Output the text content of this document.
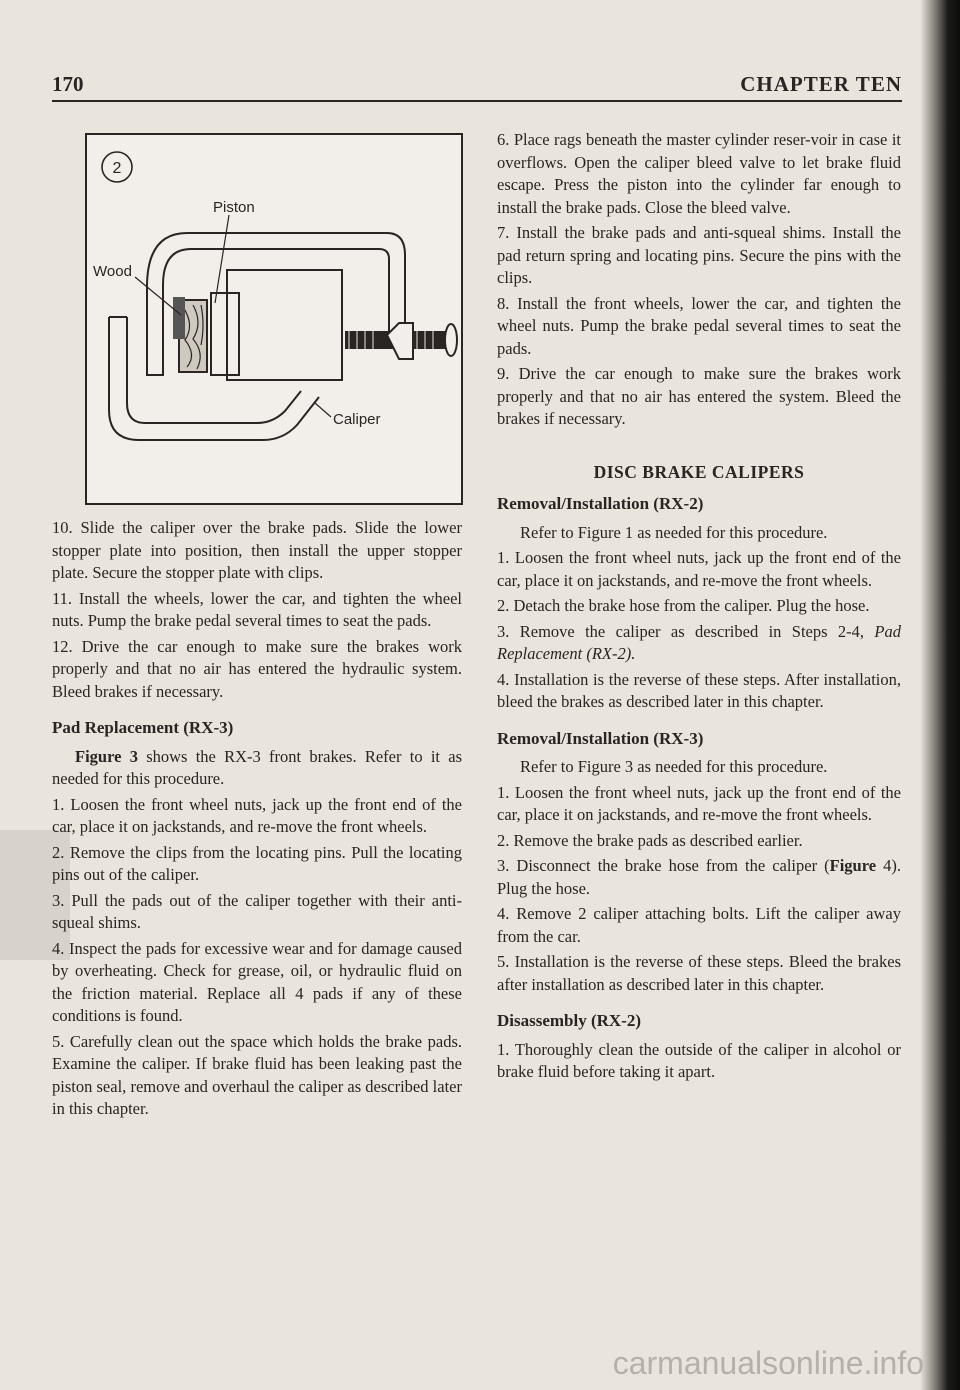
170	CHAPTER TEN
2
Piston
Wood
Caliper

10. Slide the caliper over the brake pads. Slide the lower stopper plate into position, then install the upper stopper plate. Secure the stopper plate with clips.

11. Install the wheels, lower the car, and tighten the wheel nuts. Pump the brake pedal several times to seat the pads.

12. Drive the car enough to make sure the brakes work properly and that no air has entered the hydraulic system. Bleed brakes if necessary.

Pad Replacement (RX-3)

Figure 3 shows the RX-3 front brakes. Refer to it as needed for this procedure.

1. Loosen the front wheel nuts, jack up the front end of the car, place it on jackstands, and re-move the front wheels.

2. Remove the clips from the locating pins. Pull the locating pins out of the caliper.

3. Pull the pads out of the caliper together with their anti-squeal shims.

4. Inspect the pads for excessive wear and for damage caused by overheating. Check for grease, oil, or hydraulic fluid on the friction material. Replace all 4 pads if any of these conditions is found.

5. Carefully clean out the space which holds the brake pads. Examine the caliper. If brake fluid has been leaking past the piston seal, remove and overhaul the caliper as described later in this chapter.

6. Place rags beneath the master cylinder reser-voir in case it overflows. Open the caliper bleed valve to let brake fluid escape. Press the piston into the cylinder far enough to install the brake pads. Close the bleed valve.

7. Install the brake pads and anti-squeal shims. Install the pad return spring and locating pins. Secure the pins with the clips.

8. Install the front wheels, lower the car, and tighten the wheel nuts. Pump the brake pedal several times to seat the pads.

9. Drive the car enough to make sure the brakes work properly and that no air has entered the system. Bleed the brakes if necessary.

DISC BRAKE CALIPERS
Removal/Installation (RX-2)

Refer to Figure 1 as needed for this procedure.

1. Loosen the front wheel nuts, jack up the front end of the car, place it on jackstands, and re-move the front wheels.

2. Detach the brake hose from the caliper. Plug the hose.

3. Remove the caliper as described in Steps 2-4, Pad Replacement (RX-2).

4. Installation is the reverse of these steps. After installation, bleed the brakes as described later in this chapter.

Removal/Installation (RX-3)

Refer to Figure 3 as needed for this procedure.

1. Loosen the front wheel nuts, jack up the front end of the car, place it on jackstands, and re-move the front wheels.

2. Remove the brake pads as described earlier.

3. Disconnect the brake hose from the caliper (Figure 4). Plug the hose.

4. Remove 2 caliper attaching bolts. Lift the caliper away from the car.

5. Installation is the reverse of these steps. Bleed the brakes after installation as described later in this chapter.

Disassembly (RX-2)

1. Thoroughly clean the outside of the caliper in alcohol or brake fluid before taking it apart.

carmanualsonline.info
